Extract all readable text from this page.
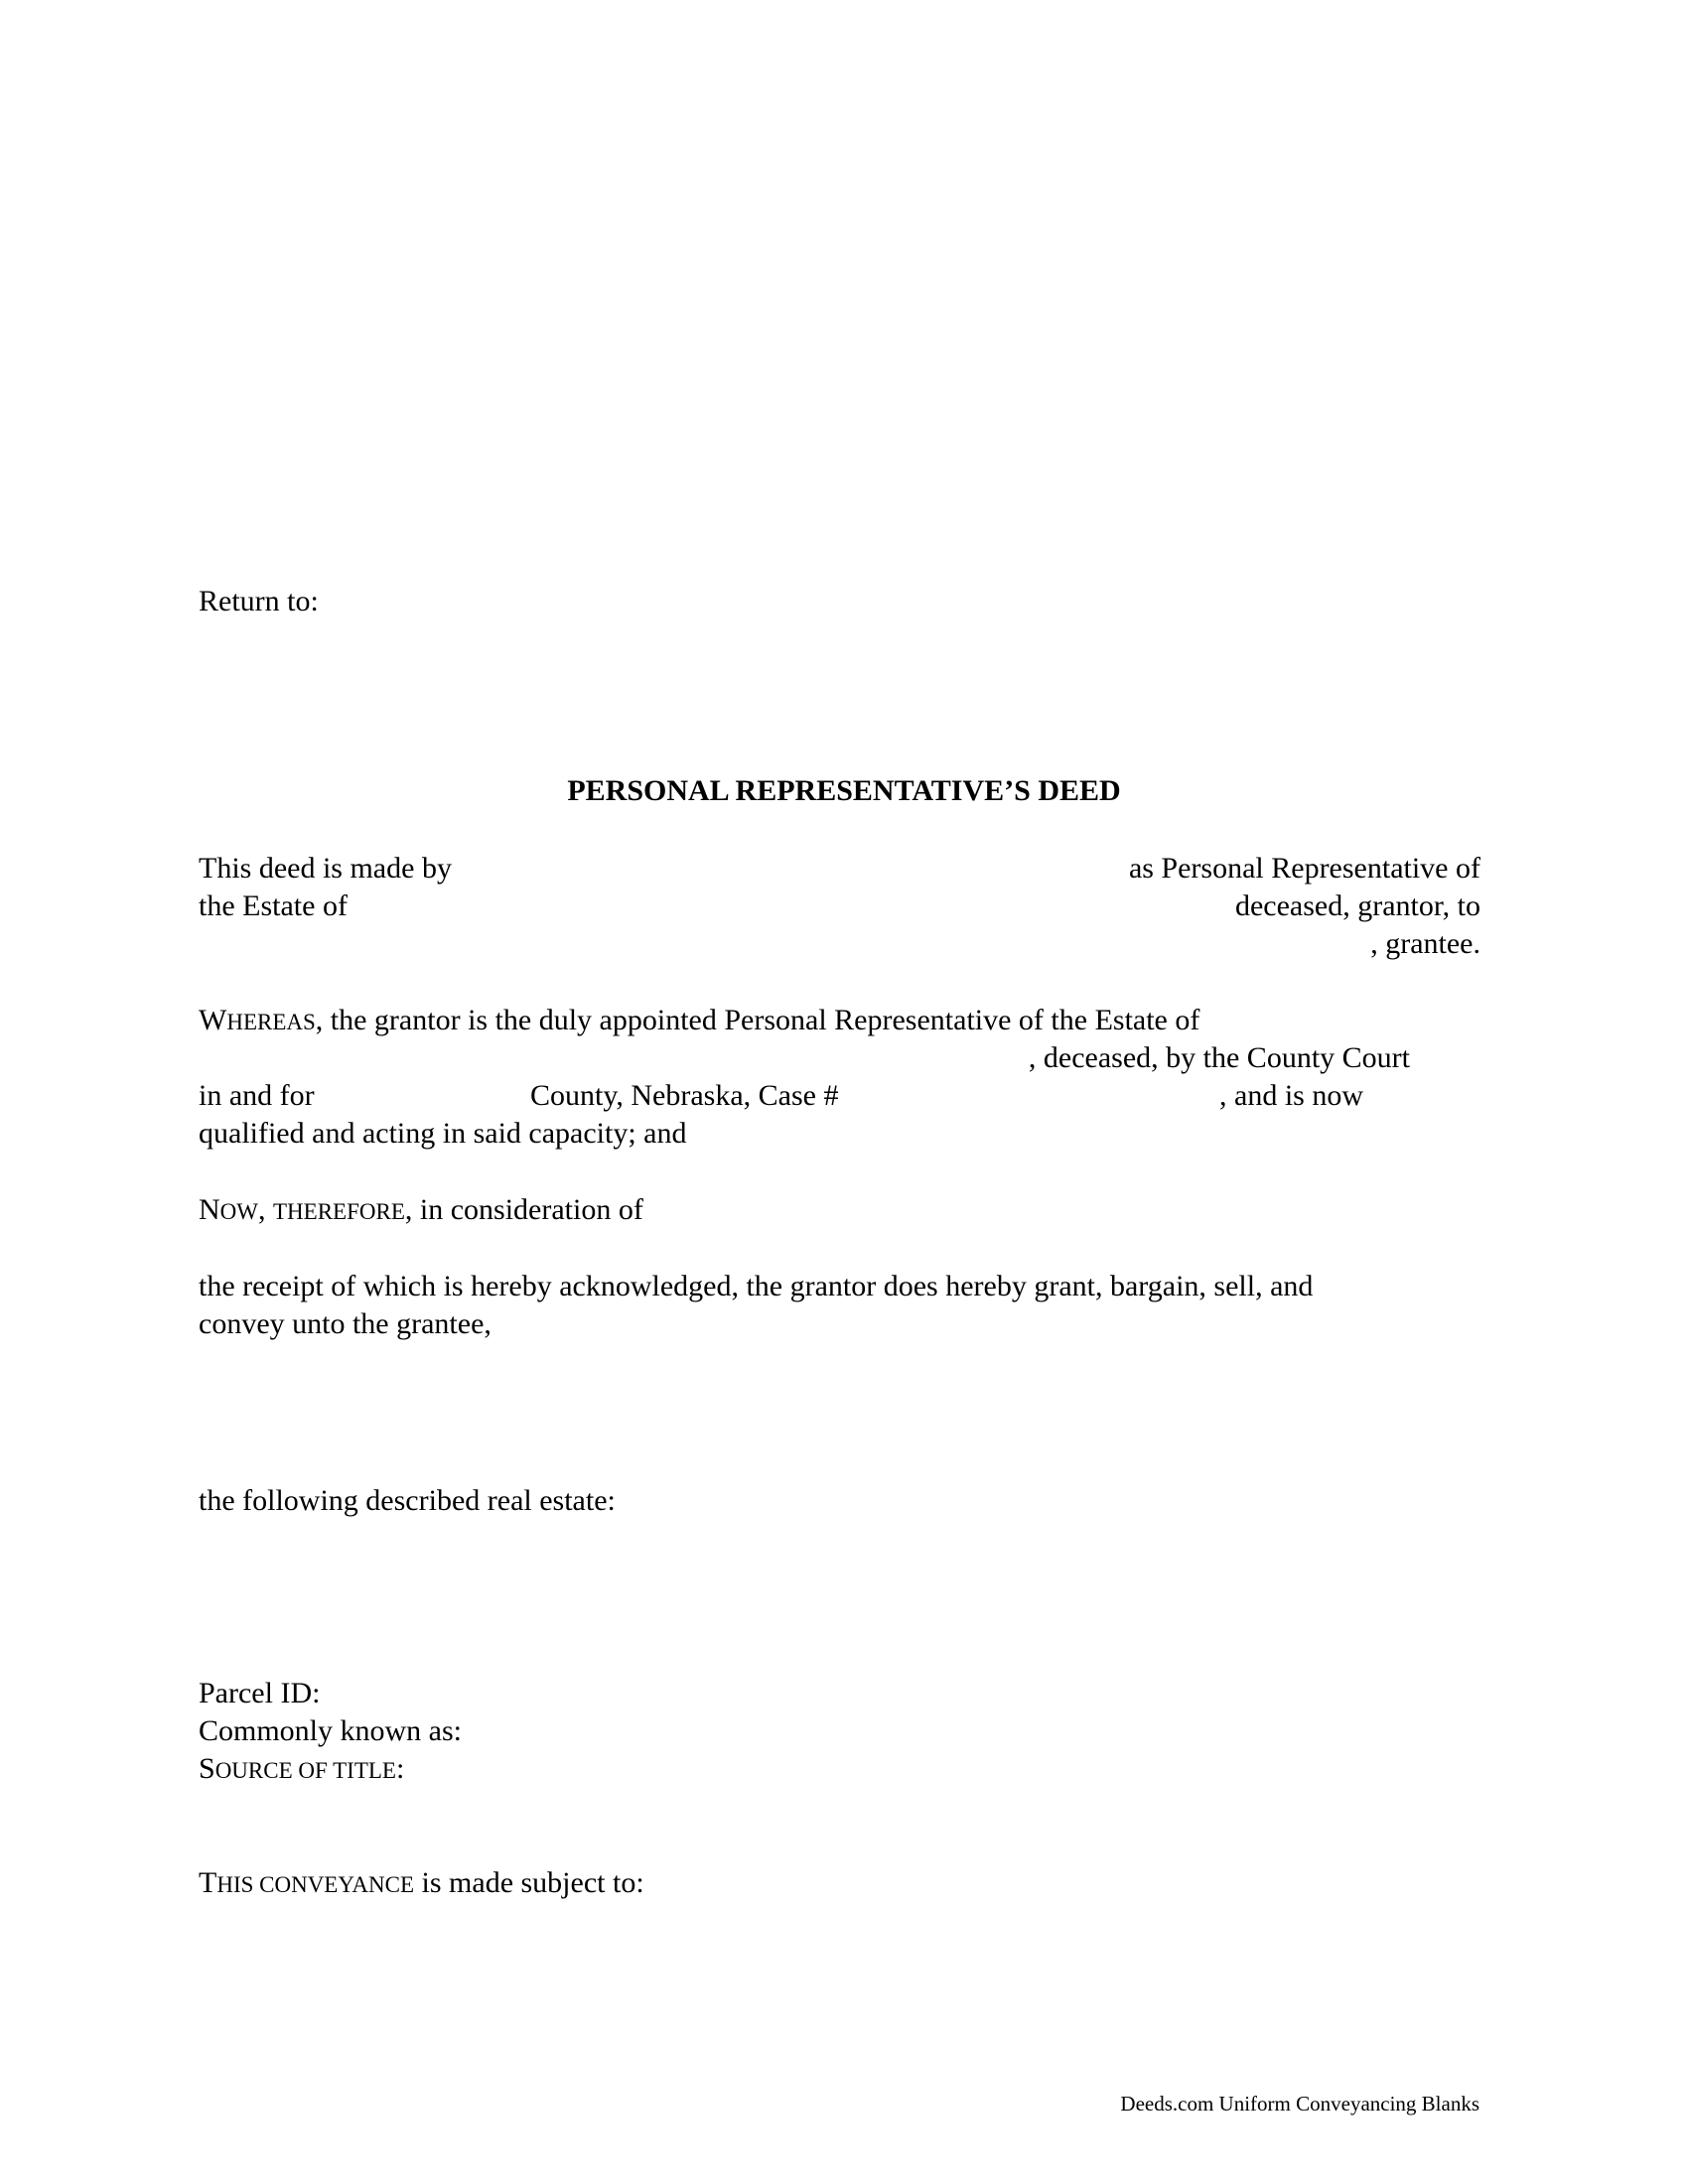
Return to:
PERSONAL REPRESENTATIVE’S DEED
This deed is made by	as Personal Representative of
the Estate of	deceased, grantor, to
, grantee.
WHEREAS, the grantor is the duly appointed Personal Representative of the Estate of
, deceased, by the County Court
in and for	County, Nebraska, Case #	, and is now
qualified and acting in said capacity; and
NOW, THEREFORE, in consideration of
the receipt of which is hereby acknowledged, the grantor does hereby grant, bargain, sell, and
convey unto the grantee,
the following described real estate:
Parcel ID:
Commonly known as:
SOURCE OF TITLE:
THIS CONVEYANCE is made subject to:
Deeds.com Uniform Conveyancing Blanks
